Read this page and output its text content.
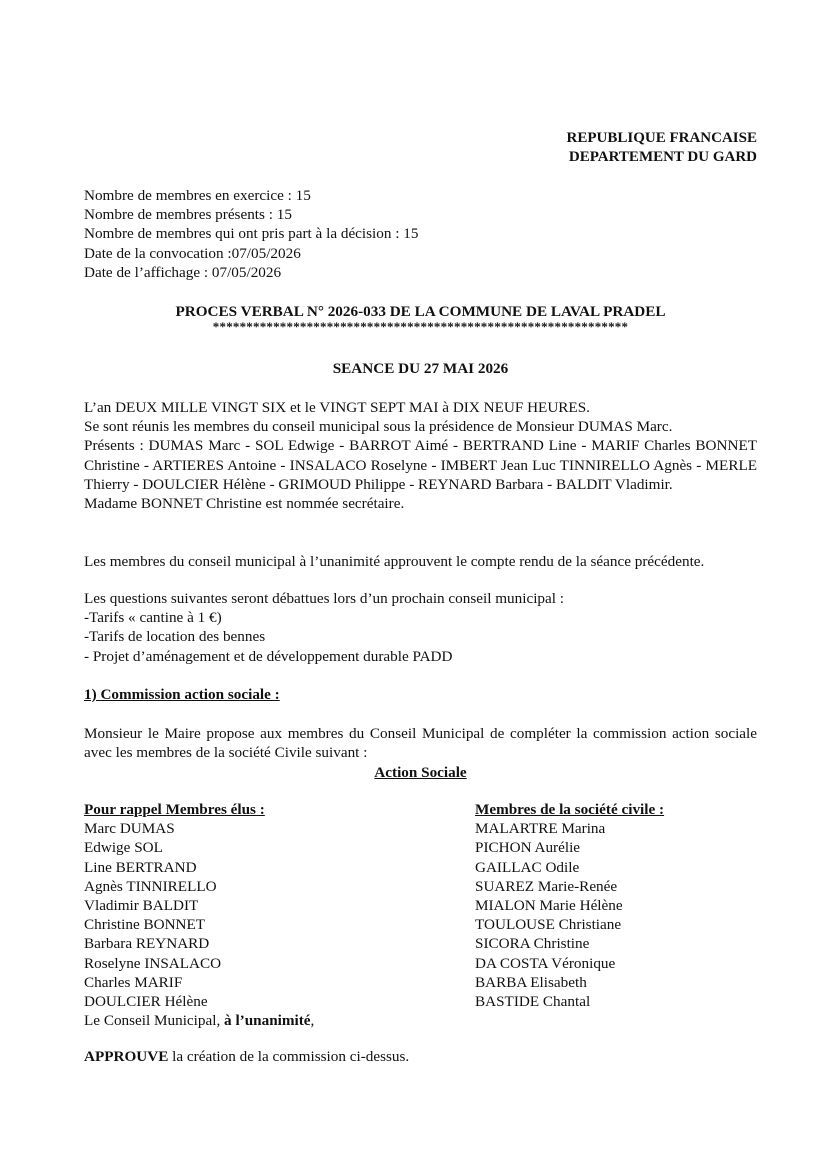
REPUBLIQUE FRANCAISE
DEPARTEMENT DU GARD
Nombre de membres en exercice : 15
Nombre de membres présents : 15
Nombre de membres qui ont pris part à la décision : 15
Date de la convocation :07/05/2026
Date de l’affichage : 07/05/2026
PROCES VERBAL N° 2026-033 DE LA COMMUNE DE LAVAL PRADEL
**************************************************************
SEANCE DU 27 MAI 2026
L’an DEUX MILLE VINGT SIX et le VINGT SEPT MAI à DIX NEUF HEURES.
Se sont réunis les membres du conseil municipal sous la présidence de Monsieur DUMAS Marc.
Présents : DUMAS Marc - SOL Edwige - BARROT Aimé - BERTRAND Line - MARIF Charles BONNET Christine - ARTIERES Antoine - INSALACO Roselyne - IMBERT Jean Luc TINNIRELLO Agnès - MERLE Thierry - DOULCIER Hélène - GRIMOUD Philippe - REYNARD Barbara - BALDIT Vladimir.
Madame BONNET Christine est nommée secrétaire.
Les membres du conseil municipal à l’unanimité approuvent le compte rendu de la séance précédente.
Les questions suivantes seront débattues lors d’un prochain conseil municipal :
-Tarifs « cantine à 1 €)
-Tarifs de location des bennes
- Projet d’aménagement et de développement durable PADD
1) Commission action sociale :
Monsieur le Maire propose aux membres du Conseil Municipal de compléter la commission action sociale avec les membres de la société Civile suivant :
Action Sociale
Pour rappel Membres élus :
Marc DUMAS
Edwige SOL
Line BERTRAND
Agnès TINNIRELLO
Vladimir BALDIT
Christine BONNET
Barbara REYNARD
Roselyne INSALACO
Charles MARIF
DOULCIER Hélène
Le Conseil Municipal, à l’unanimité,
Membres de la société civile :
MALARTRE Marina
PICHON Aurélie
GAILLAC Odile
SUAREZ Marie-Renée
MIALON Marie Hélène
TOULOUSE Christiane
SICORA Christine
DA COSTA Véronique
BARBA Elisabeth
BASTIDE Chantal
APPROUVE la création de la commission ci-dessus.
